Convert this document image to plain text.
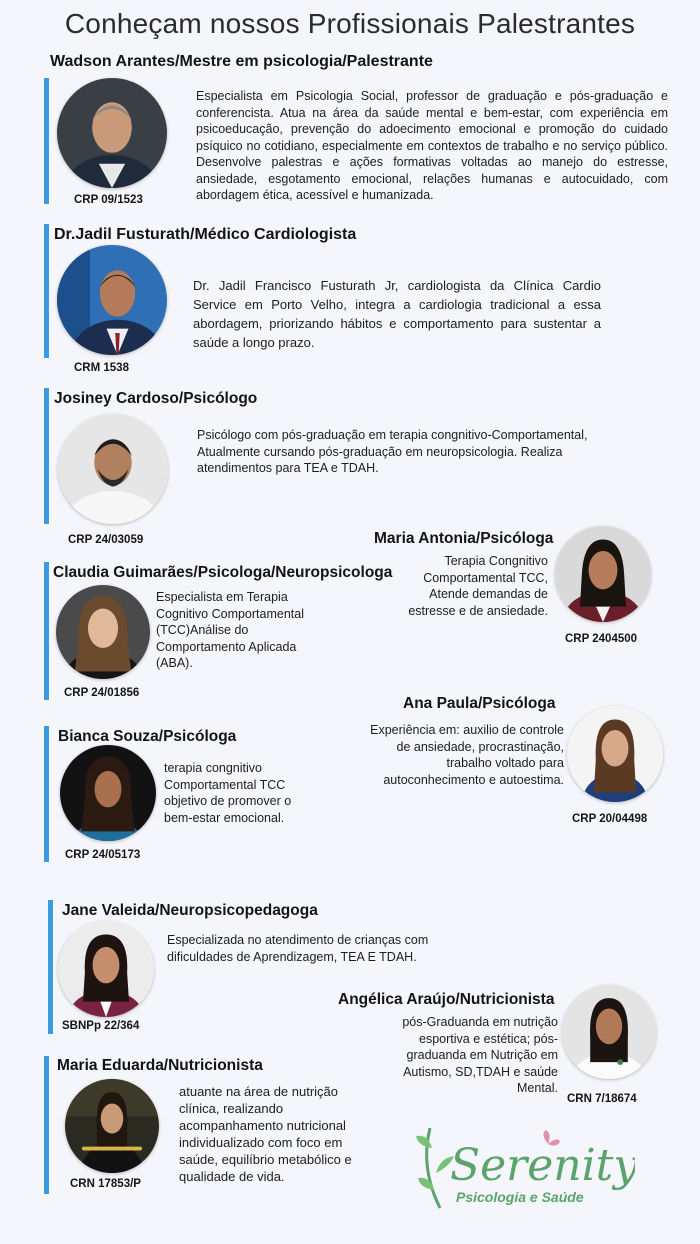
Conheçam nossos Profissionais Palestrantes
Wadson Arantes/Mestre em psicologia/Palestrante
CRP 09/1523
Especialista em Psicologia Social, professor de graduação e pós-graduação e conferencista. Atua na área da saúde mental e bem-estar, com experiência em psicoeducação, prevenção do adoecimento emocional e promoção do cuidado psíquico no cotidiano, especialmente em contextos de trabalho e no serviço público. Desenvolve palestras e ações formativas voltadas ao manejo do estresse, ansiedade, esgotamento emocional, relações humanas e autocuidado, com abordagem ética, acessível e humanizada.
Dr.Jadil Fusturath/Médico Cardiologista
CRM 1538
Dr. Jadil Francisco Fusturath Jr, cardiologista da Clínica Cardio Service em Porto Velho, integra a cardiologia tradicional a essa abordagem, priorizando hábitos e comportamento para sustentar a saúde a longo prazo.
Josiney Cardoso/Psicólogo
CRP 24/03059
Psicólogo com pós-graduação em terapia congnitivo-Comportamental, Atualmente cursando pós-graduação em neuropsicologia. Realiza atendimentos para TEA e TDAH.
Maria Antonia/Psicóloga
Terapia Congnitivo Comportamental TCC, Atende demandas de estresse e de ansiedade.
CRP 2404500
Claudia Guimarães/Psicologa/Neuropsicologa
CRP 24/01856
Especialista em Terapia Cognitivo Comportamental (TCC)Análise do Comportamento Aplicada (ABA).
Ana Paula/Psicóloga
Experiência em: auxilio de controle de ansiedade, procrastinação, trabalho voltado para autoconhecimento e autoestima.
CRP 20/04498
Bianca Souza/Psicóloga
CRP 24/05173
terapia congnitivo Comportamental TCC objetivo de promover o bem-estar emocional.
Jane Valeida/Neuropsicopedagoga
SBNPp 22/364
Especializada no atendimento de crianças com dificuldades de Aprendizagem, TEA E TDAH.
Angélica Araújo/Nutricionista
pós-Graduanda em nutrição esportiva e estética; pós-graduanda em Nutrição em Autismo, SD,TDAH e saúde Mental.
CRN 7/18674
Maria Eduarda/Nutricionista
CRN 17853/P
atuante na área de nutrição clínica, realizando acompanhamento nutricional individualizado com foco em saúde, equilíbrio metabólico e qualidade de vida.	Serenity
Psicologia e Saúde
